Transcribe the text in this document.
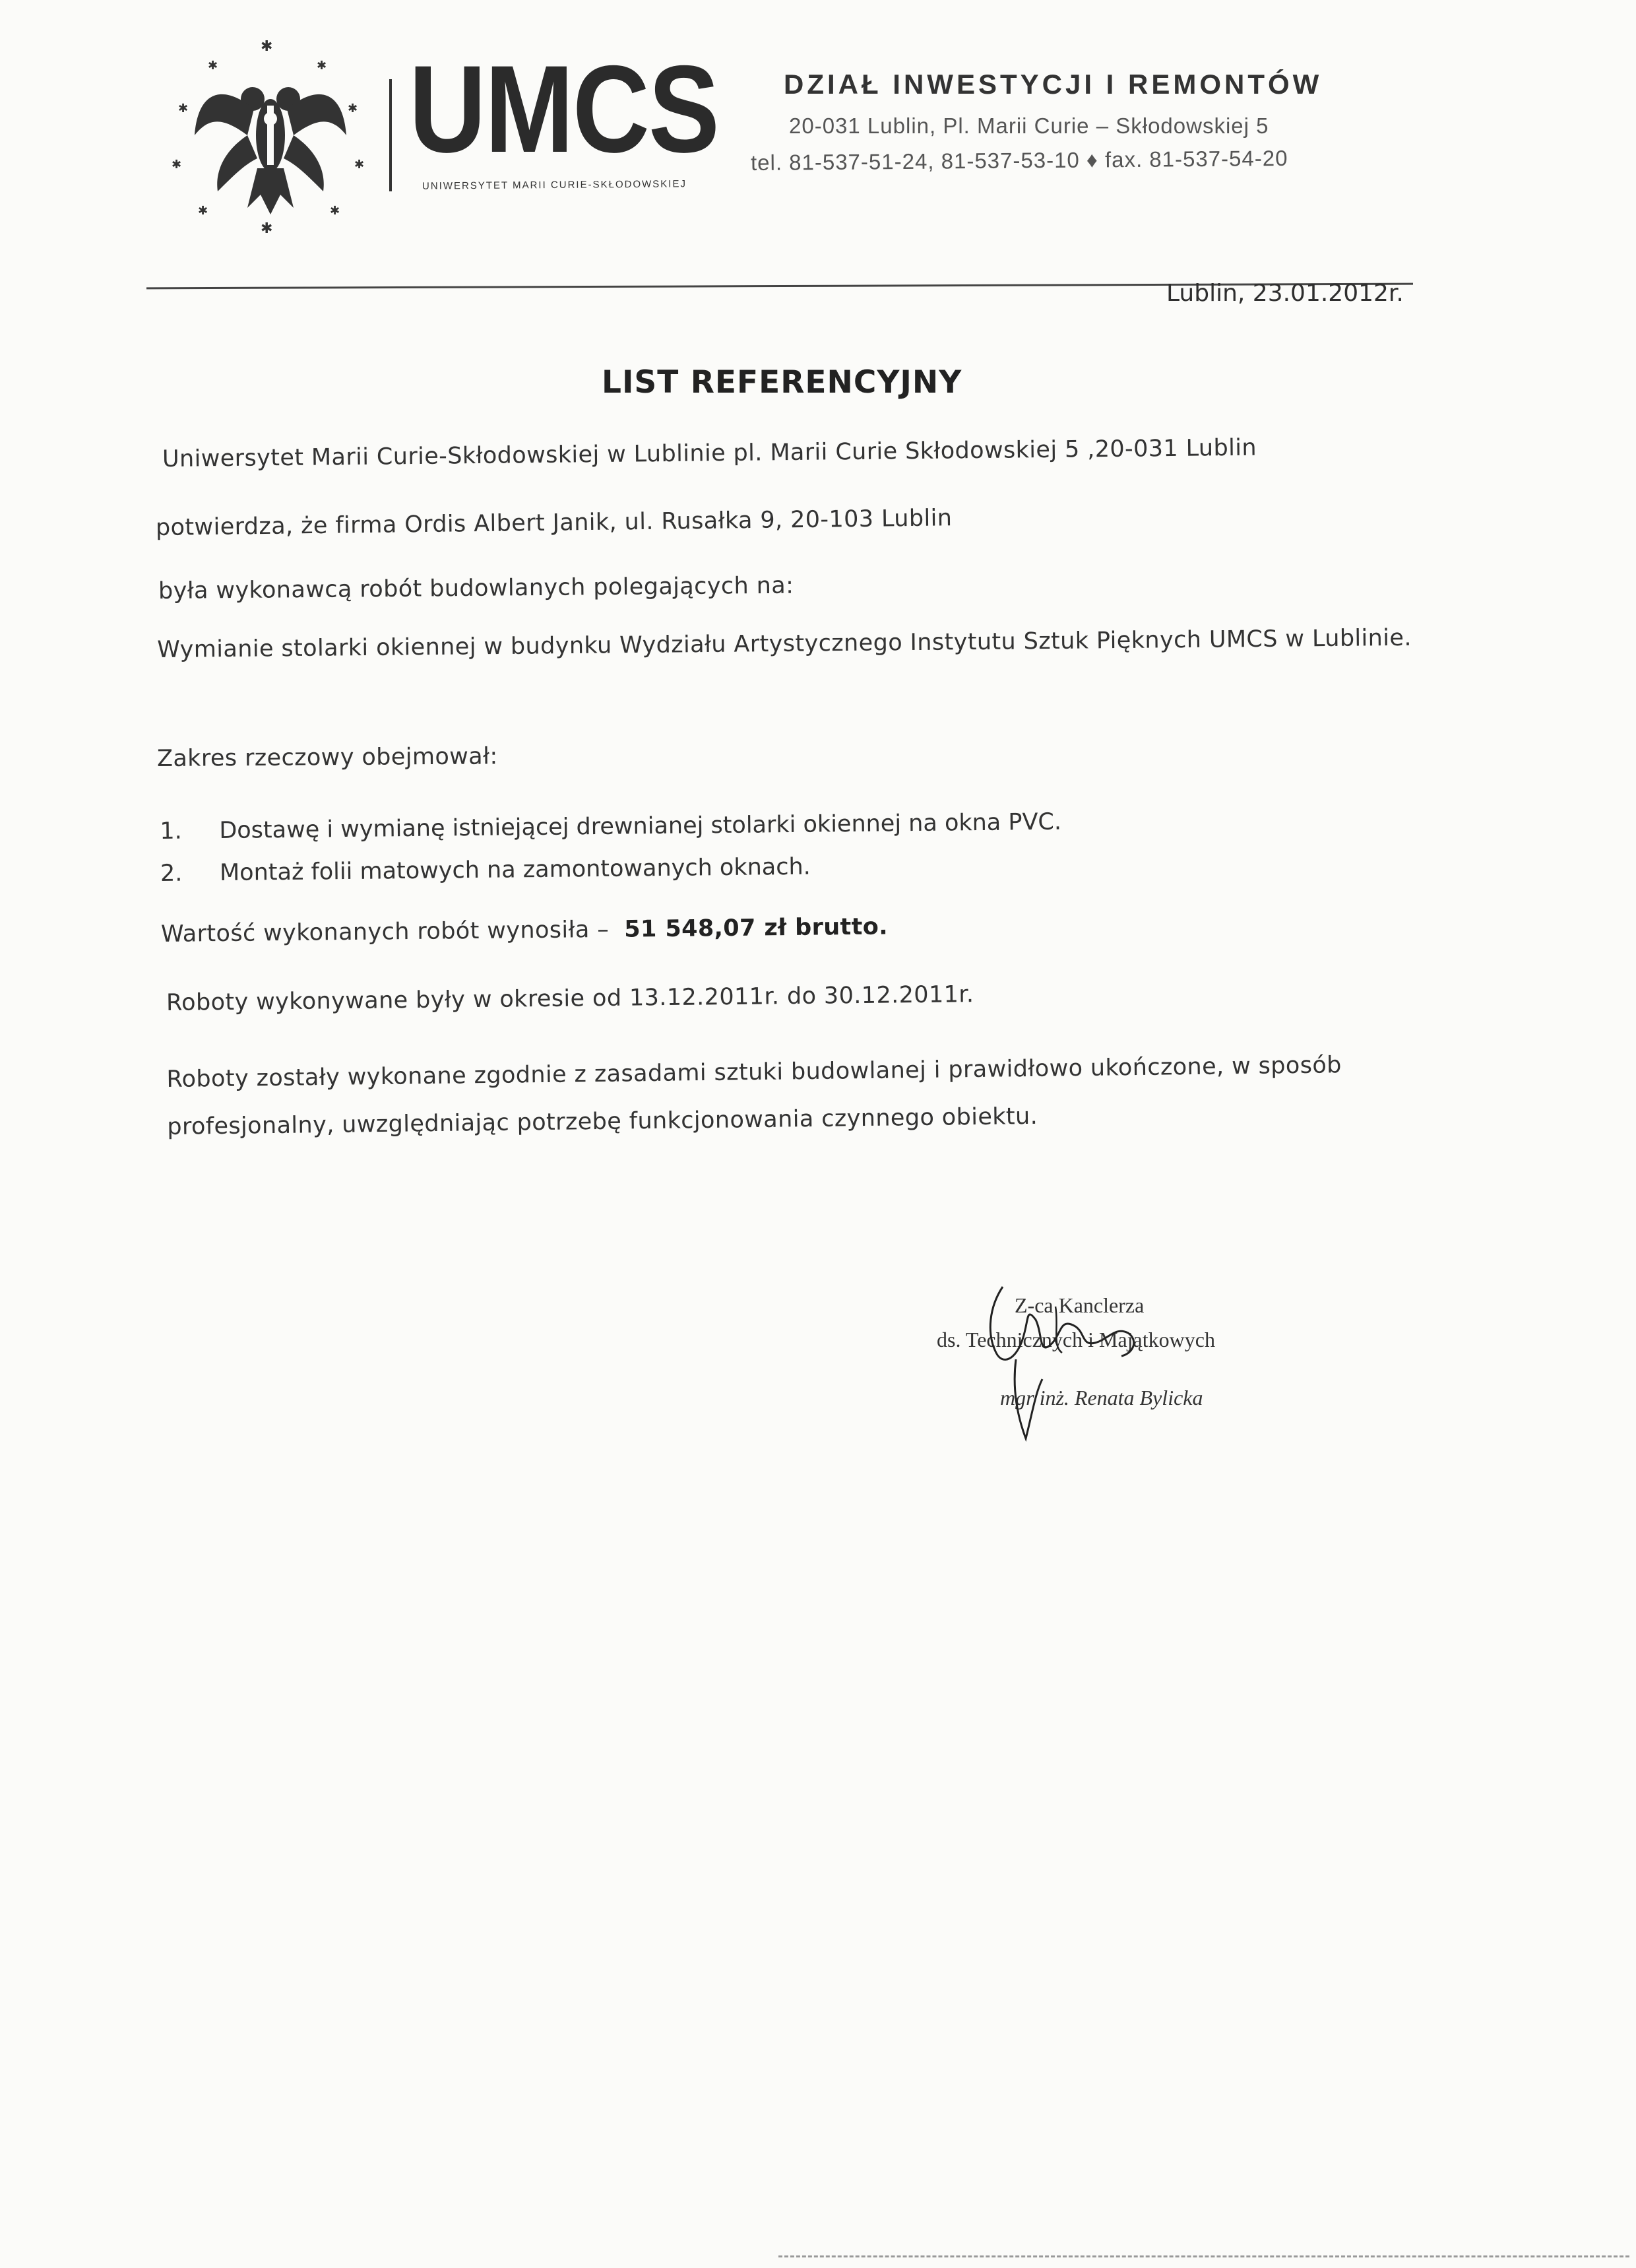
✱
✱	✱
✱	✱
✱	✱
✱	✱
✱
UMCS
UNIWERSYTET MARII CURIE-SKŁODOWSKIEJ
DZIAŁ INWESTYCJI I REMONTÓW
20-031 Lublin, Pl. Marii Curie – Skłodowskiej 5
tel. 81-537-51-24, 81-537-53-10 ♦ fax. 81-537-54-20
Lublin, 23.01.2012r.
LIST REFERENCYJNY
Uniwersytet Marii Curie-Skłodowskiej w Lublinie pl. Marii Curie Skłodowskiej 5 ,20-031 Lublin
potwierdza, że firma Ordis Albert Janik, ul. Rusałka 9, 20-103 Lublin
była wykonawcą robót budowlanych polegających na:
Wymianie stolarki okiennej w budynku Wydziału Artystycznego Instytutu Sztuk Pięknych UMCS w Lublinie.
Zakres rzeczowy obejmował:
1. Dostawę i wymianę istniejącej drewnianej stolarki okiennej na okna PVC.
2. Montaż folii matowych na zamontowanych oknach.
Wartość wykonanych robót wynosiła – 51 548,07 zł brutto.
Roboty wykonywane były w okresie od 13.12.2011r. do 30.12.2011r.
Roboty zostały wykonane zgodnie z zasadami sztuki budowlanej i prawidłowo ukończone, w sposób profesjonalny, uwzględniając potrzebę funkcjonowania czynnego obiektu.
Z-ca Kanclerza
ds. Technicznych i Majątkowych
mgr inż. Renata Bylicka
